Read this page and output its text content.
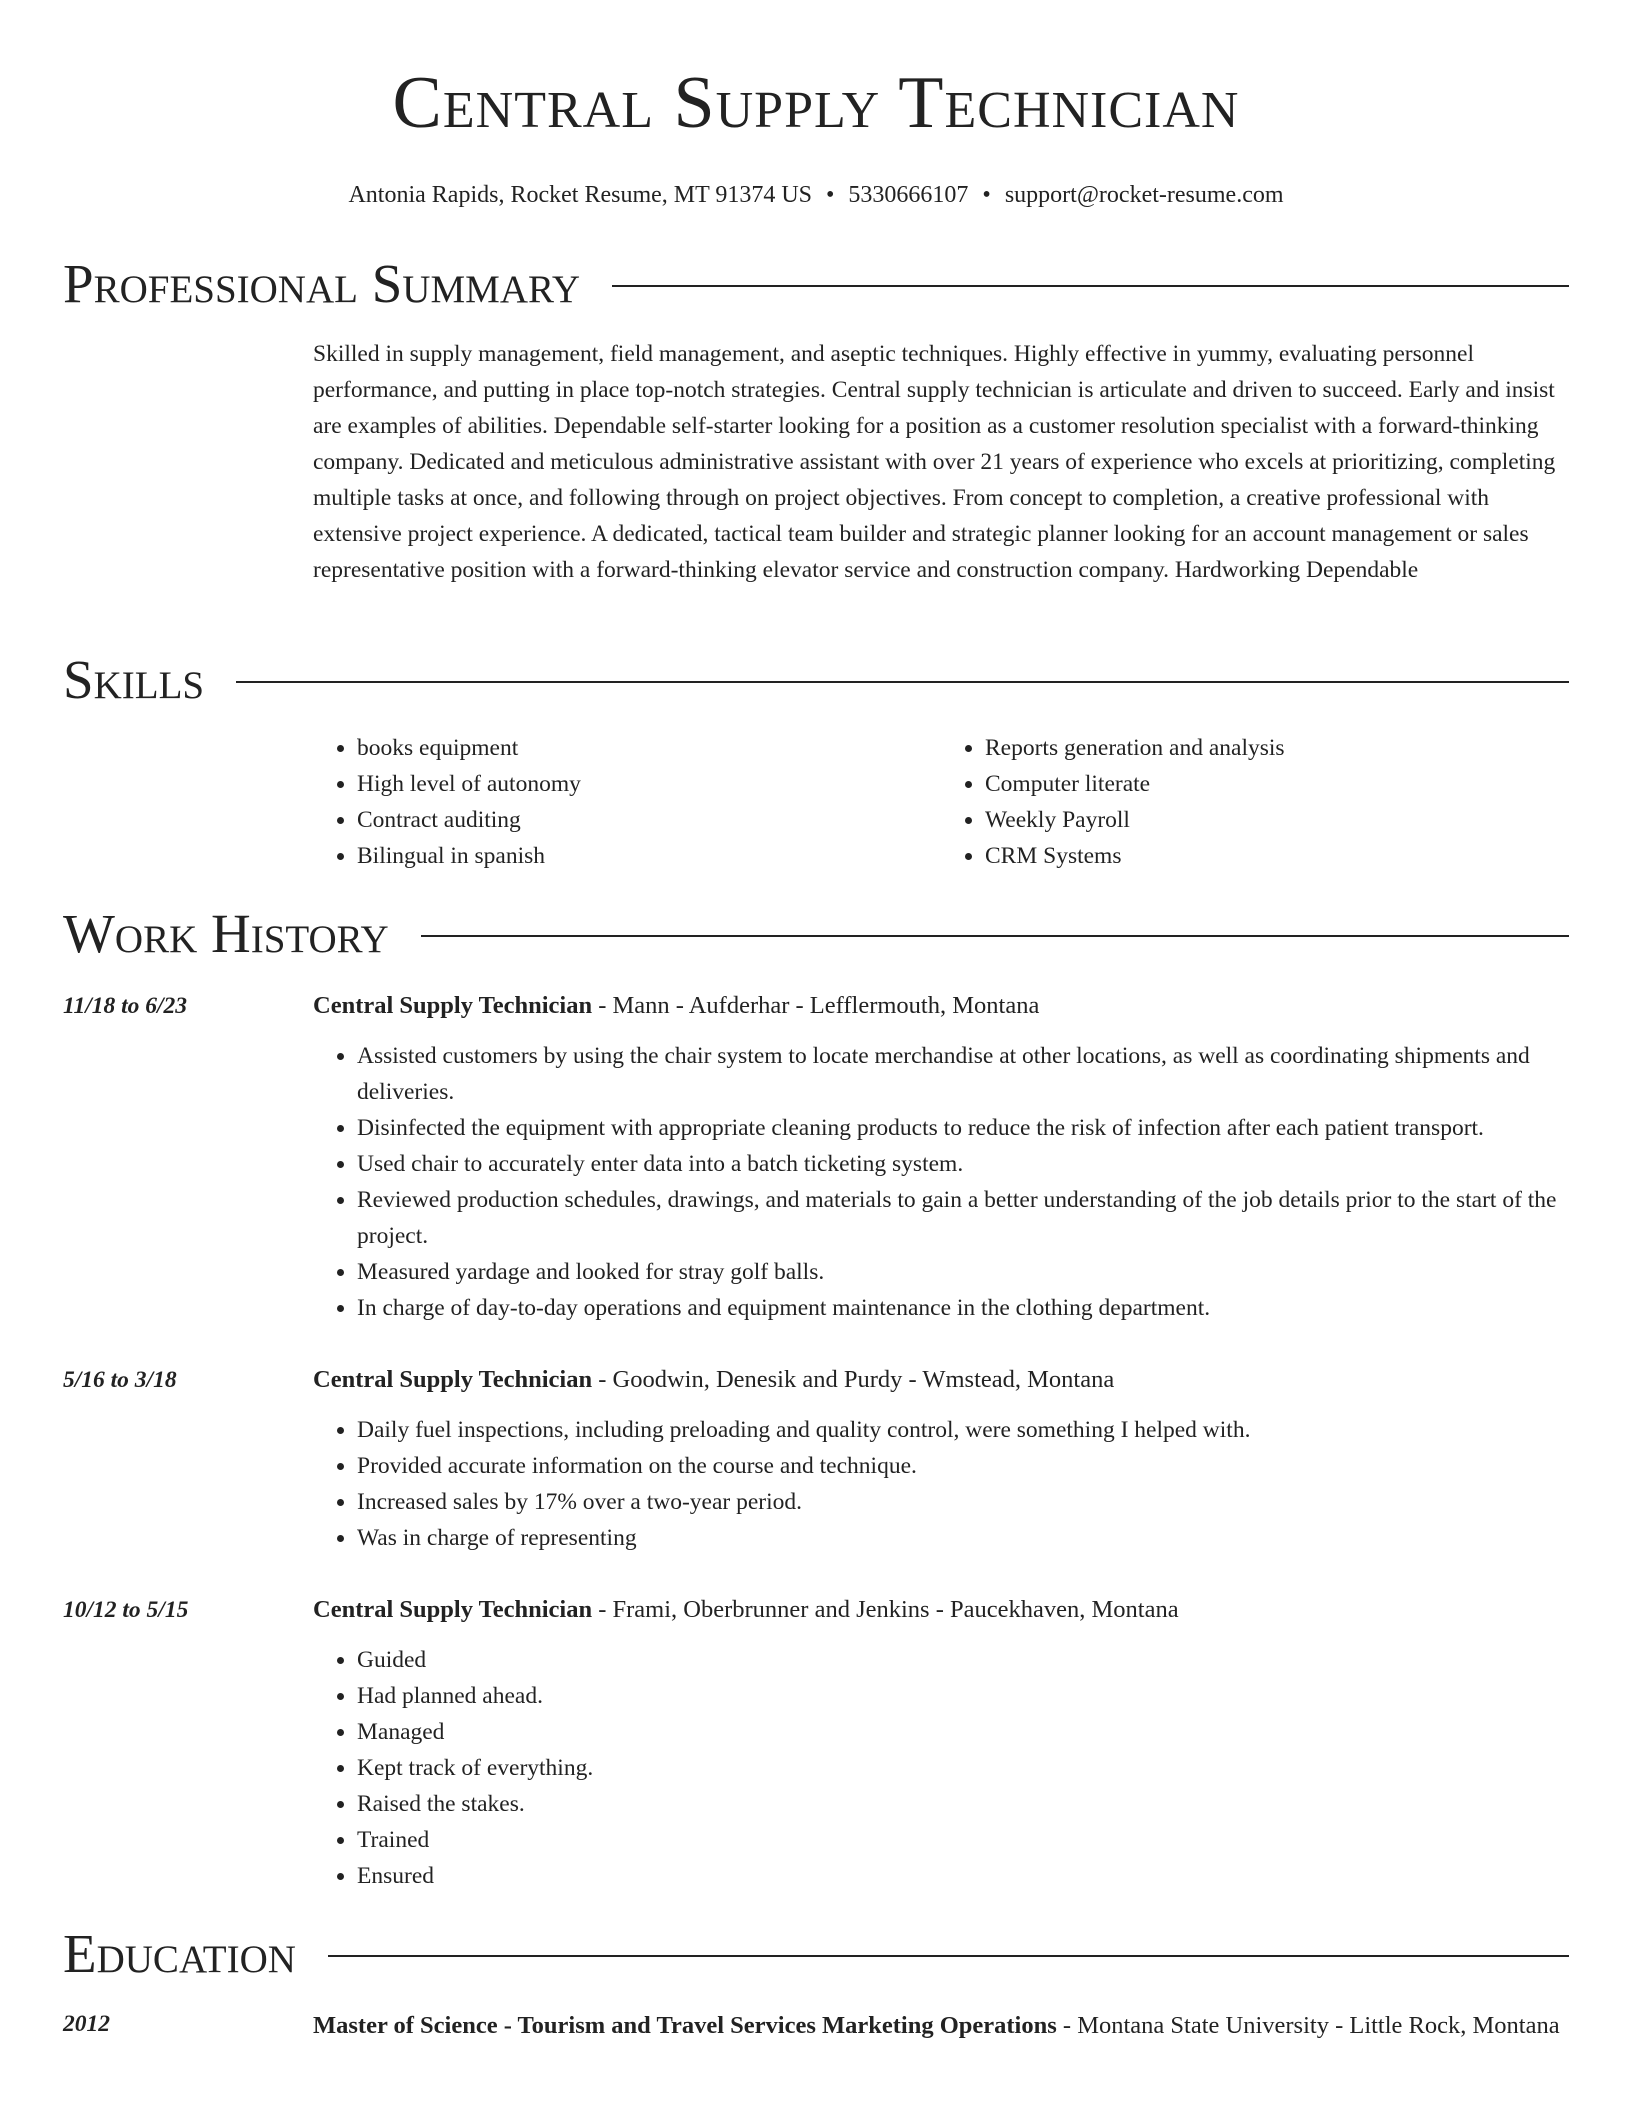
Central Supply Technician
Antonia Rapids, Rocket Resume, MT 91374 US • 5330666107 • support@rocket-resume.com
Professional Summary

Skilled in supply management, field management, and aseptic techniques. Highly effective in yummy, evaluating personnel performance, and putting in place top-notch strategies. Central supply technician is articulate and driven to succeed. Early and insist are examples of abilities. Dependable self-starter looking for a position as a customer resolution specialist with a forward-thinking company. Dedicated and meticulous administrative assistant with over 21 years of experience who excels at prioritizing, completing multiple tasks at once, and following through on project objectives. From concept to completion, a creative professional with extensive project experience. A dedicated, tactical team builder and strategic planner looking for an account management or sales representative position with a forward-thinking elevator service and construction company. Hardworking Dependable

Skills
• books equipment
• High level of autonomy
• Contract auditing
• Bilingual in spanish
• Reports generation and analysis
• Computer literate
• Weekly Payroll
• CRM Systems
Work History
11/18 to 6/23	Central Supply Technician - Mann - Aufderhar - Lefflermouth, Montana
• Assisted customers by using the chair system to locate merchandise at other locations, as well as coordinating shipments and deliveries.
• Disinfected the equipment with appropriate cleaning products to reduce the risk of infection after each patient transport.
• Used chair to accurately enter data into a batch ticketing system.
• Reviewed production schedules, drawings, and materials to gain a better understanding of the job details prior to the start of the project.
• Measured yardage and looked for stray golf balls.
• In charge of day-to-day operations and equipment maintenance in the clothing department.
5/16 to 3/18	Central Supply Technician - Goodwin, Denesik and Purdy - Wmstead, Montana
• Daily fuel inspections, including preloading and quality control, were something I helped with.
• Provided accurate information on the course and technique.
• Increased sales by 17% over a two-year period.
• Was in charge of representing
10/12 to 5/15	Central Supply Technician - Frami, Oberbrunner and Jenkins - Paucekhaven, Montana
• Guided
• Had planned ahead.
• Managed
• Kept track of everything.
• Raised the stakes.
• Trained
• Ensured
Education
2012	Master of Science - Tourism and Travel Services Marketing Operations - Montana State University - Little Rock, Montana
